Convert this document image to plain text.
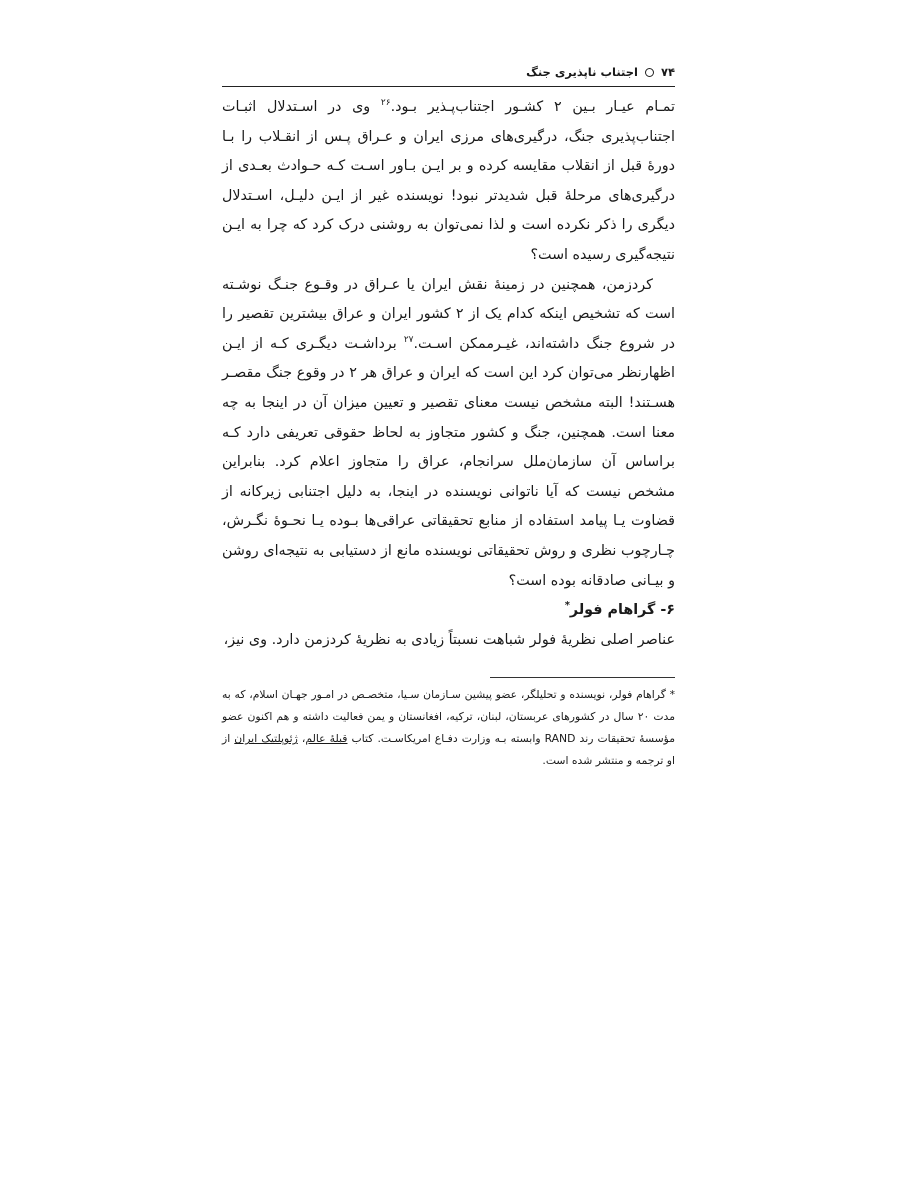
۷۴
اجتناب ناپذیری جنگ

تمـام عیـار بـین ۲ کشـور اجتناب‌پـذیر بـود.$^{۲۶}$ وی در اسـتدلال اثبـات اجتناب‌پذیری جنگ، درگیری‌های مرزی ایران و عـراق پـس از انقـلاب را بـا دورهٔ قبل از انقلاب مقایسه کرده و بر ایـن بـاور اسـت کـه حـوادث بعـدی از درگیری‌های مرحلهٔ قبل شدیدتر نبود! نویسنده غیر از ایـن دلیـل، اسـتدلال دیگری را ذکر نکرده است و لذا نمی‌توان به روشنی درک کرد که چرا به ایـن نتیجه‌گیری رسیده است؟

کردزمن، همچنین در زمینهٔ نقش ایران یا عـراق در وقـوع جنـگ نوشـته است که تشخیص اینکه کدام یک از ۲ کشور ایران و عراق بیشترین تقصیر را در شروع جنگ داشته‌اند، غیـرممکن اسـت.$^{۲۷}$ برداشـت دیگـری کـه از ایـن اظهارنظر می‌توان کرد این است که ایران و عراق هر ۲ در وقوع جنگ مقصـر هسـتند! البته مشخص نیست معنای تقصیر و تعیین میزان آن در اینجا به چه معنا است. همچنین، جنگ و کشور متجاوز به لحاظ حقوقی تعریفی دارد کـه براساس آن سازمان‌ملل سرانجام، عراق را متجاوز اعلام کرد. بنابراین مشخص نیست که آیا ناتوانی نویسنده در اینجا، به دلیل اجتنابی زیرکانه از قضاوت یـا پیامد استفاده از منابع تحقیقاتی عراقی‌ها بـوده یـا نحـوهٔ نگـرش، چـارچوب نظری و روش تحقیقاتی نویسنده مانع از دستیابی به نتیجه‌ای روشن و بیـانی صادقانه بوده است؟

۶- گراهام فولر*

عناصر اصلی نظریهٔ فولر شباهت نسبتاً زیادی به نظریهٔ کردزمن دارد. وی نیز،

* گراهام فولر، نویسنده و تحلیلگر، عضو پیشین سـازمان سـیا، متخصـص در امـور جهـان اسلام، که به مدت ۲۰ سال در کشورهای عربستان، لبنان، ترکیه، افغانستان و یمن فعالیت داشته و هم اکنون عضو مؤسسهٔ تحقیقات رند RAND وابسته بـه وزارت دفـاع امریکاسـت. کتاب قبلهٔ عالم، ژئوپلتیک ایران از او ترجمه و منتشر شده است.
